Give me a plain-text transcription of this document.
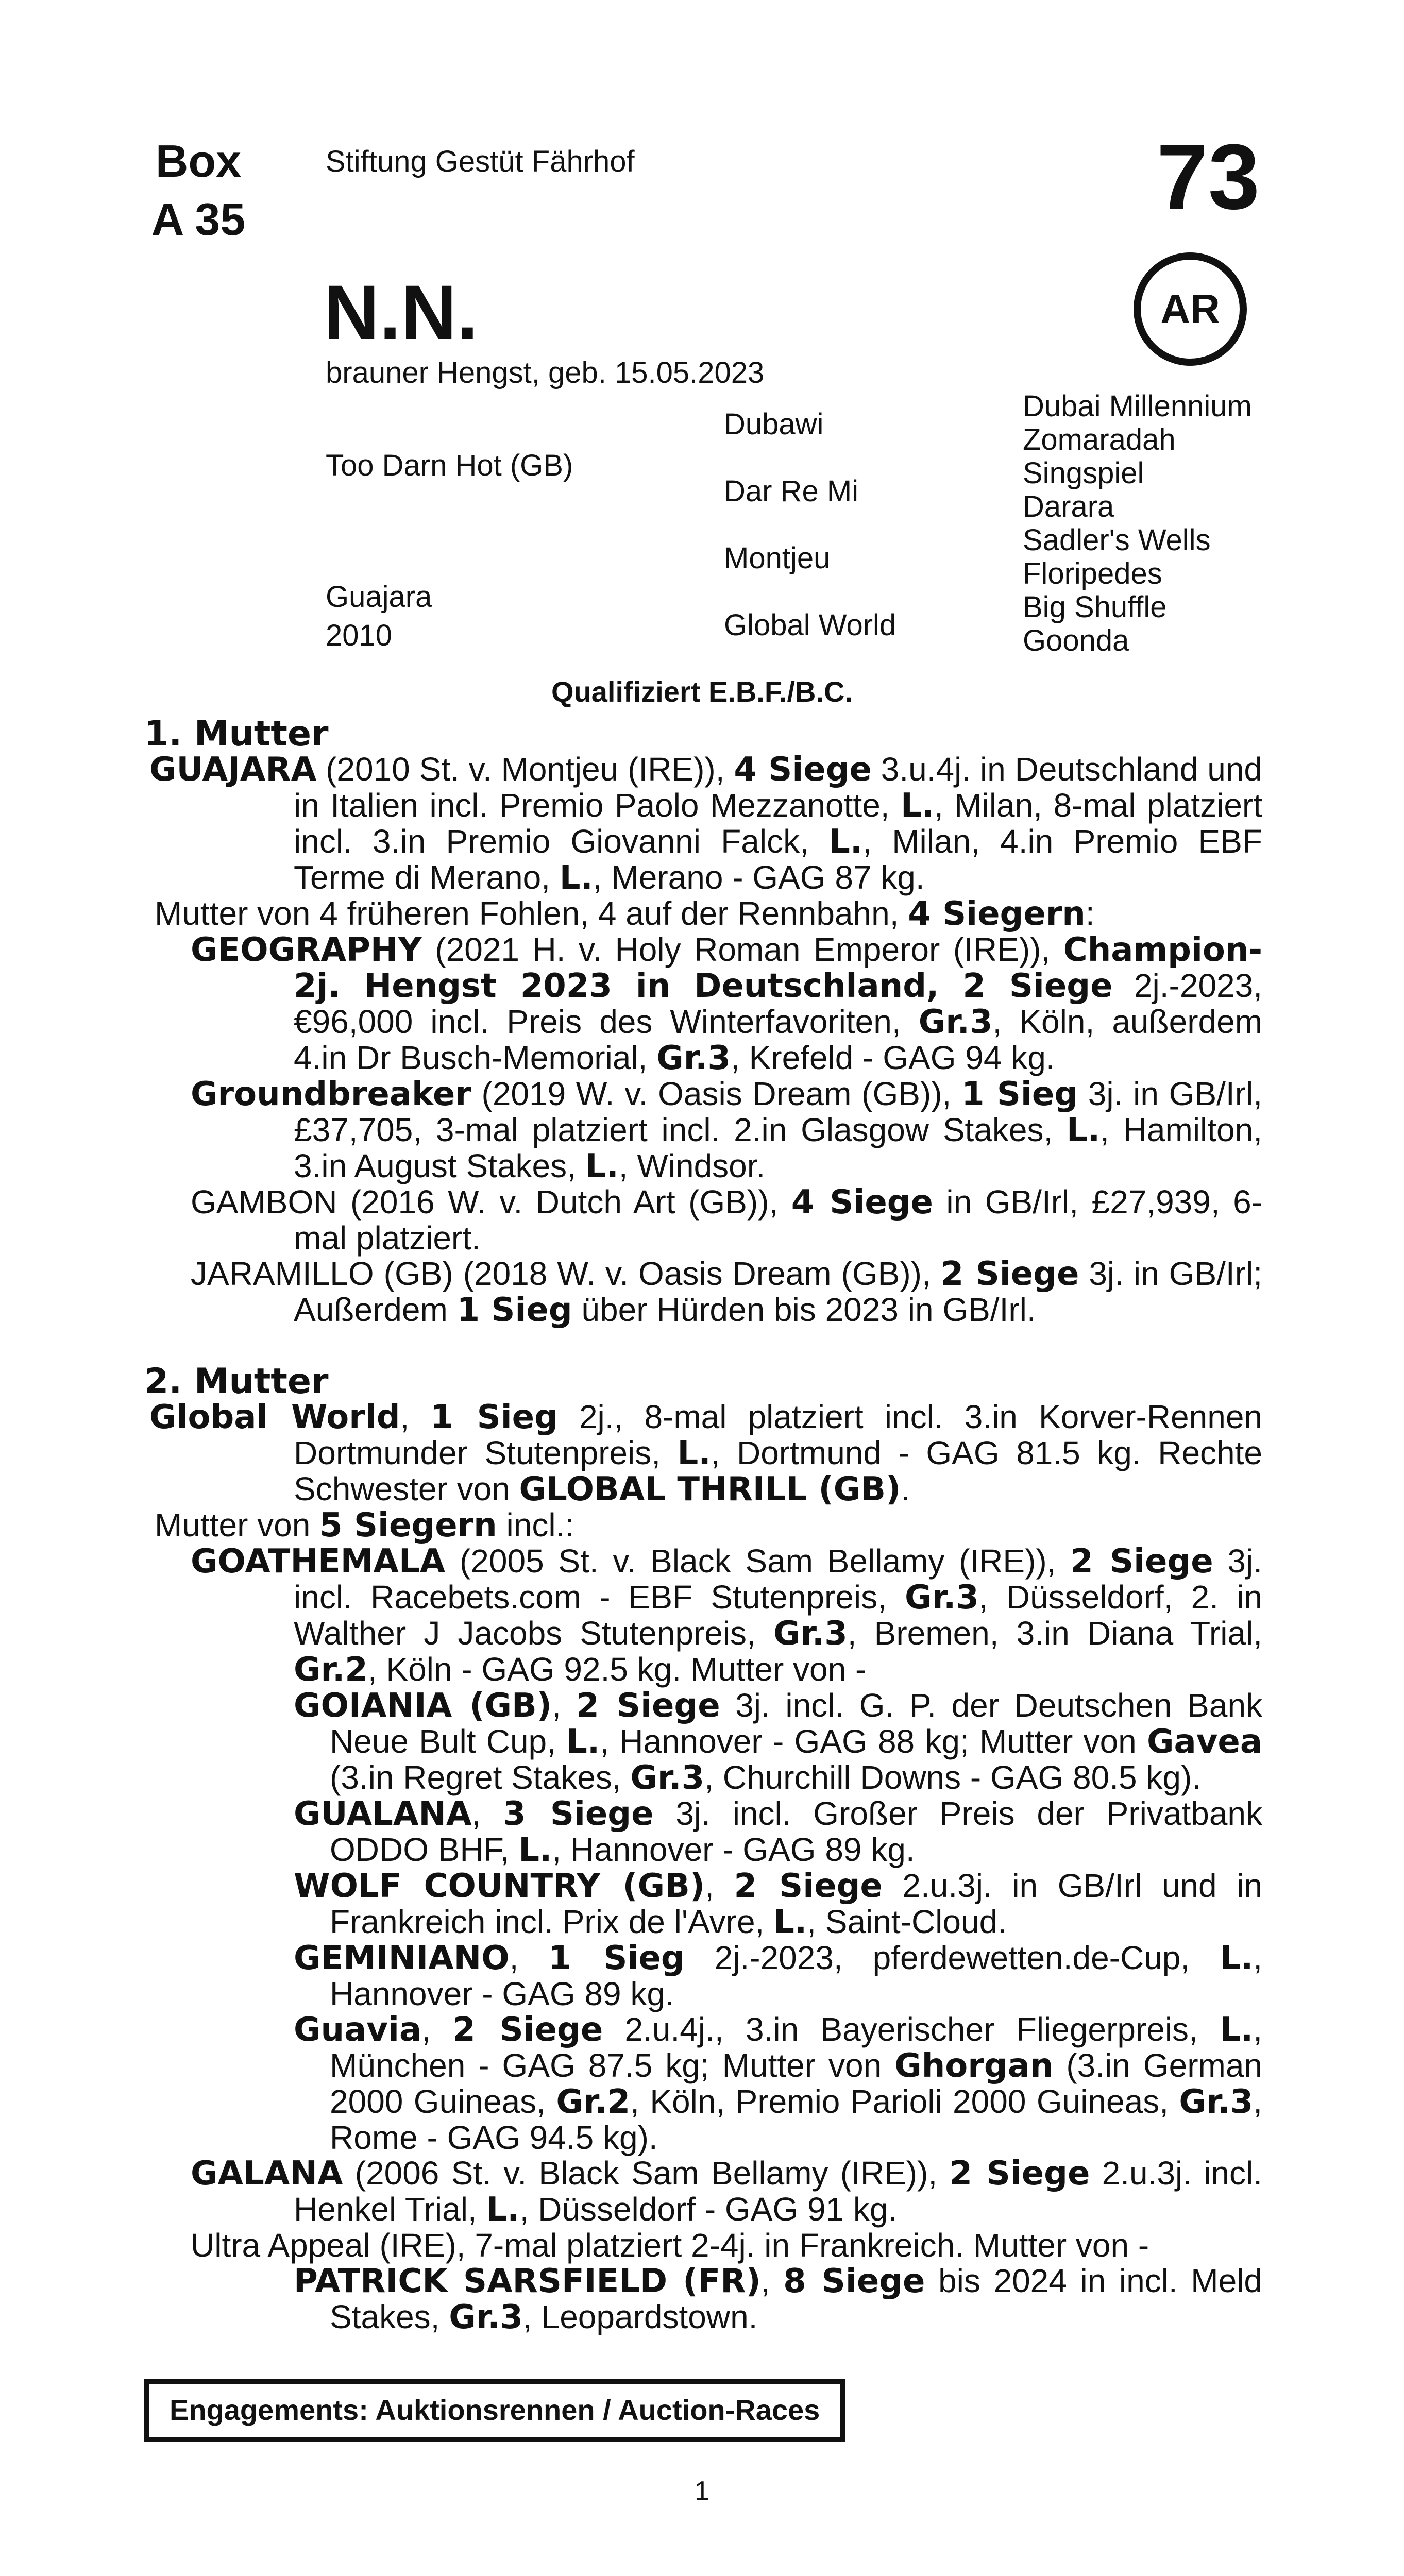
Box
A 35
Stiftung Gestüt Fährhof	73
N.N.	AR
brauner Hengst, geb. 15.05.2023
Too Darn Hot (GB)
Guajara
2010
Dubawi
Dar Re Mi
Montjeu
Global World
Dubai Millennium
Zomaradah
Singspiel
Darara
Sadler's Wells
Floripedes
Big Shuffle
Goonda
Qualifiziert E.B.F./B.C.
1. Mutter
GUAJARA (2010 St. v. Montjeu (IRE)), 4 Siege 3.u.4j. in Deutschland und in Italien incl. Premio Paolo Mezzanotte, L., Milan, 8-mal platziert incl. 3.in Premio Giovanni Falck, L., Milan, 4.in Premio EBF Terme di Merano, L., Merano - GAG 87 kg.
Mutter von 4 früheren Fohlen, 4 auf der Rennbahn, 4 Siegern:
GEOGRAPHY (2021 H. v. Holy Roman Emperor (IRE)), Champion-2j. Hengst 2023 in Deutschland, 2 Siege 2j.-2023, €96,000 incl. Preis des Winterfavoriten, Gr.3, Köln, außerdem 4.in Dr Busch-Memorial, Gr.3, Krefeld - GAG 94 kg.
Groundbreaker (2019 W. v. Oasis Dream (GB)), 1 Sieg 3j. in GB/Irl, £37,705, 3-mal platziert incl. 2.in Glasgow Stakes, L., Hamilton, 3.in August Stakes, L., Windsor.
GAMBON (2016 W. v. Dutch Art (GB)), 4 Siege in GB/Irl, £27,939, 6-mal platziert.
JARAMILLO (GB) (2018 W. v. Oasis Dream (GB)), 2 Siege 3j. in GB/Irl; Außerdem 1 Sieg über Hürden bis 2023 in GB/Irl.
2. Mutter
Global World, 1 Sieg 2j., 8-mal platziert incl. 3.in Korver-Rennen Dortmunder Stutenpreis, L., Dortmund - GAG 81.5 kg. Rechte Schwester von GLOBAL THRILL (GB).
Mutter von 5 Siegern incl.:
GOATHEMALA (2005 St. v. Black Sam Bellamy (IRE)), 2 Siege 3j. incl. Racebets.com - EBF Stutenpreis, Gr.3, Düsseldorf, 2. in Walther J Jacobs Stutenpreis, Gr.3, Bremen, 3.in Diana Trial, Gr.2, Köln - GAG 92.5 kg. Mutter von -
GOIANIA (GB), 2 Siege 3j. incl. G. P. der Deutschen Bank Neue Bult Cup, L., Hannover - GAG 88 kg; Mutter von Gavea (3.in Regret Stakes, Gr.3, Churchill Downs - GAG 80.5 kg).
GUALANA, 3 Siege 3j. incl. Großer Preis der Privatbank ODDO BHF, L., Hannover - GAG 89 kg.
WOLF COUNTRY (GB), 2 Siege 2.u.3j. in GB/Irl und in Frankreich incl. Prix de l'Avre, L., Saint-Cloud.
GEMINIANO, 1 Sieg 2j.-2023, pferdewetten.de-Cup, L., Hannover - GAG 89 kg.
Guavia, 2 Siege 2.u.4j., 3.in Bayerischer Fliegerpreis, L., München - GAG 87.5 kg; Mutter von Ghorgan (3.in German 2000 Guineas, Gr.2, Köln, Premio Parioli 2000 Guineas, Gr.3, Rome - GAG 94.5 kg).
GALANA (2006 St. v. Black Sam Bellamy (IRE)), 2 Siege 2.u.3j. incl. Henkel Trial, L., Düsseldorf - GAG 91 kg.
Ultra Appeal (IRE), 7-mal platziert 2-4j. in Frankreich. Mutter von -
PATRICK SARSFIELD (FR), 8 Siege bis 2024 in incl. Meld Stakes, Gr.3, Leopardstown.
Engagements: Auktionsrennen / Auction-Races
1
